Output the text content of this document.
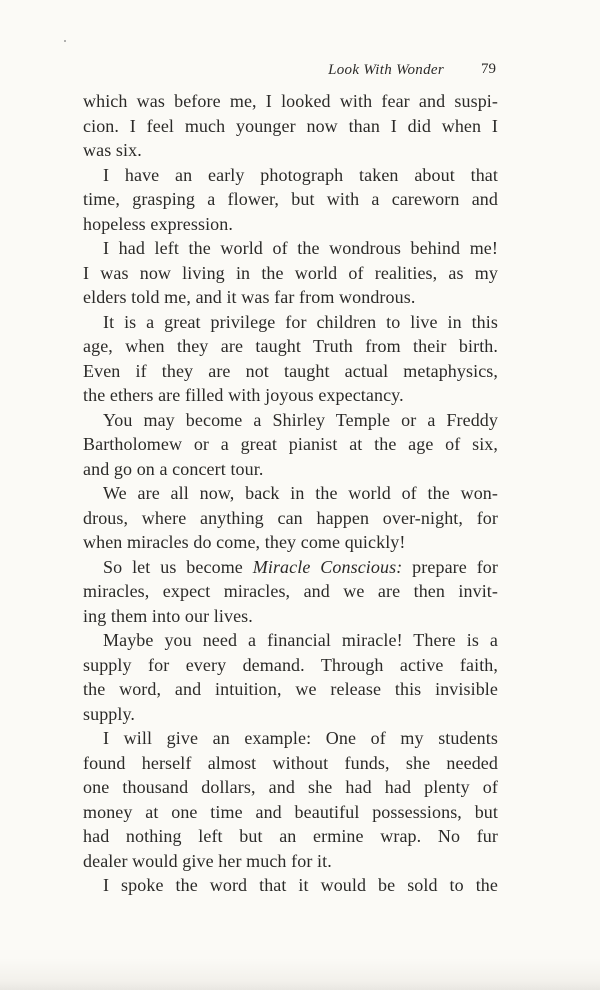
Look With Wonder 79
which was before me, I looked with fear and suspi-
cion. I feel much younger now than I did when I
was six.
I have an early photograph taken about that
time, grasping a flower, but with a careworn and
hopeless expression.
I had left the world of the wondrous behind me!
I was now living in the world of realities, as my
elders told me, and it was far from wondrous.
It is a great privilege for children to live in this
age, when they are taught Truth from their birth.
Even if they are not taught actual metaphysics,
the ethers are filled with joyous expectancy.
You may become a Shirley Temple or a Freddy
Bartholomew or a great pianist at the age of six,
and go on a concert tour.
We are all now, back in the world of the won-
drous, where anything can happen over-night, for
when miracles do come, they come quickly!
So let us become Miracle Conscious: prepare for
miracles, expect miracles, and we are then invit-
ing them into our lives.
Maybe you need a financial miracle! There is a
supply for every demand. Through active faith,
the word, and intuition, we release this invisible
supply.
I will give an example: One of my students
found herself almost without funds, she needed
one thousand dollars, and she had had plenty of
money at one time and beautiful possessions, but
had nothing left but an ermine wrap. No fur
dealer would give her much for it.
I spoke the word that it would be sold to the
